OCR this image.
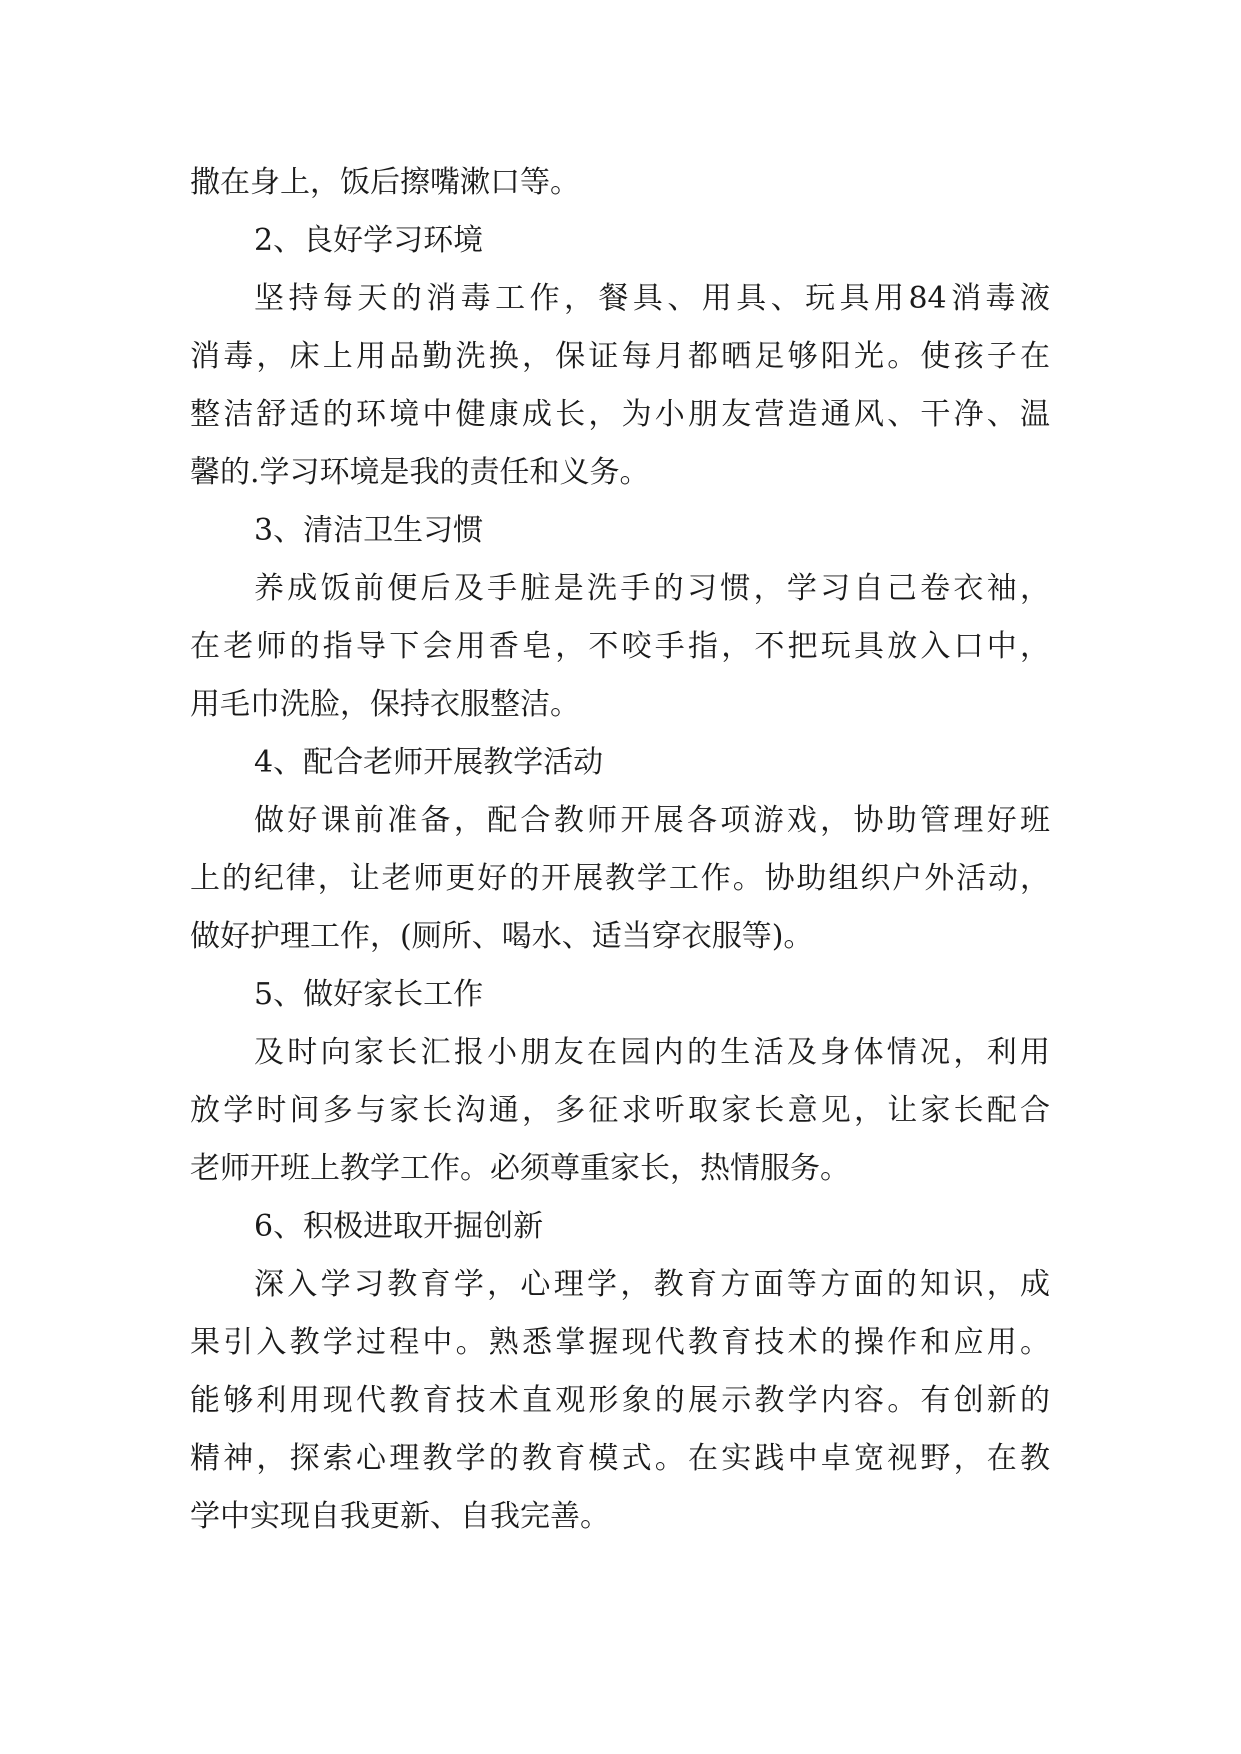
撒在身上，饭后擦嘴漱口等。
2、良好学习环境
坚持每天的消毒工作，餐具、用具、玩具用84消毒液
消毒，床上用品勤洗换，保证每月都晒足够阳光。使孩子在
整洁舒适的环境中健康成长，为小朋友营造通风、干净、温
馨的.学习环境是我的责任和义务。
3、清洁卫生习惯
养成饭前便后及手脏是洗手的习惯，学习自己卷衣袖，
在老师的指导下会用香皂，不咬手指，不把玩具放入口中，
用毛巾洗脸，保持衣服整洁。
4、配合老师开展教学活动
做好课前准备，配合教师开展各项游戏，协助管理好班
上的纪律，让老师更好的开展教学工作。协助组织户外活动，
做好护理工作，(厕所、喝水、适当穿衣服等)。
5、做好家长工作
及时向家长汇报小朋友在园内的生活及身体情况，利用
放学时间多与家长沟通，多征求听取家长意见，让家长配合
老师开班上教学工作。必须尊重家长，热情服务。
6、积极进取开掘创新
深入学习教育学，心理学，教育方面等方面的知识，成
果引入教学过程中。熟悉掌握现代教育技术的操作和应用。
能够利用现代教育技术直观形象的展示教学内容。有创新的
精神，探索心理教学的教育模式。在实践中卓宽视野，在教
学中实现自我更新、自我完善。
